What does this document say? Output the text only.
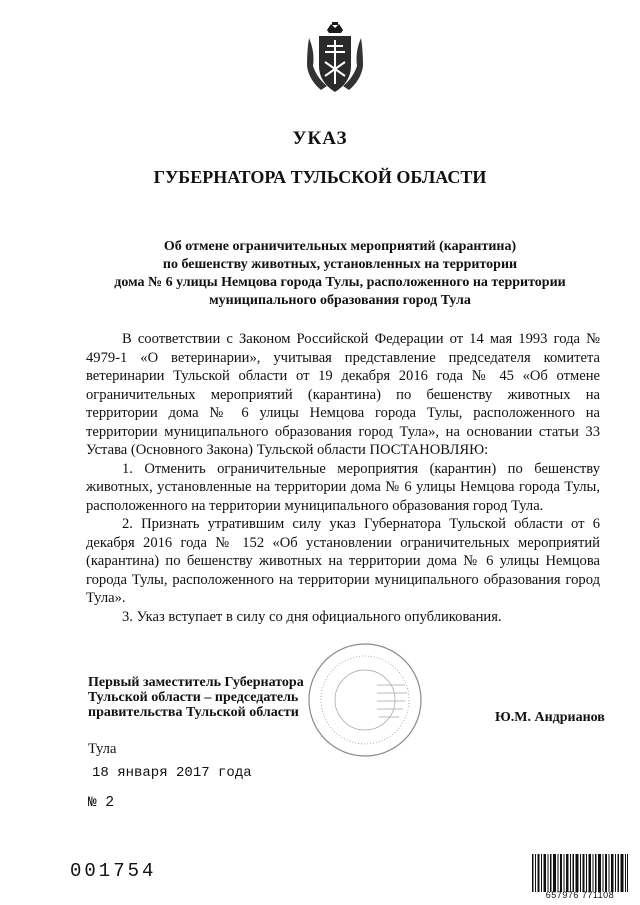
УКАЗ
ГУБЕРНАТОРА ТУЛЬСКОЙ ОБЛАСТИ
Об отмене ограничительных мероприятий (карантина)
по бешенству животных, установленных на территории
дома № 6 улицы Немцова города Тулы, расположенного на территории
муниципального образования город Тула

В соответствии с Законом Российской Федерации от 14 мая 1993 года № 4979-1 «О ветеринарии», учитывая представление председателя комитета ветеринарии Тульской области от 19 декабря 2016 года № 45 «Об отмене ограничительных мероприятий (карантина) по бешенству животных на территории дома № 6 улицы Немцова города Тулы, расположенного на территории муниципального образования город Тула», на основании статьи 33 Устава (Основного Закона) Тульской области ПОСТАНОВЛЯЮ:

1. Отменить ограничительные мероприятия (карантин) по бешенству животных, установленные на территории дома № 6 улицы Немцова города Тулы, расположенного на территории муниципального образования город Тула.

2. Признать утратившим силу указ Губернатора Тульской области от 6 декабря 2016 года № 152 «Об установлении ограничительных мероприятий (карантина) по бешенству животных на территории дома № 6 улицы Немцова города Тулы, расположенного на территории муниципального образования город Тула».

3. Указ вступает в силу со дня официального опубликования.

Первый заместитель Губернатора
Тульской области – председатель
правительства Тульской области	Ю.М. Андрианов
Тула
18 января 2017 года
№ 2
001754
657976 771108
